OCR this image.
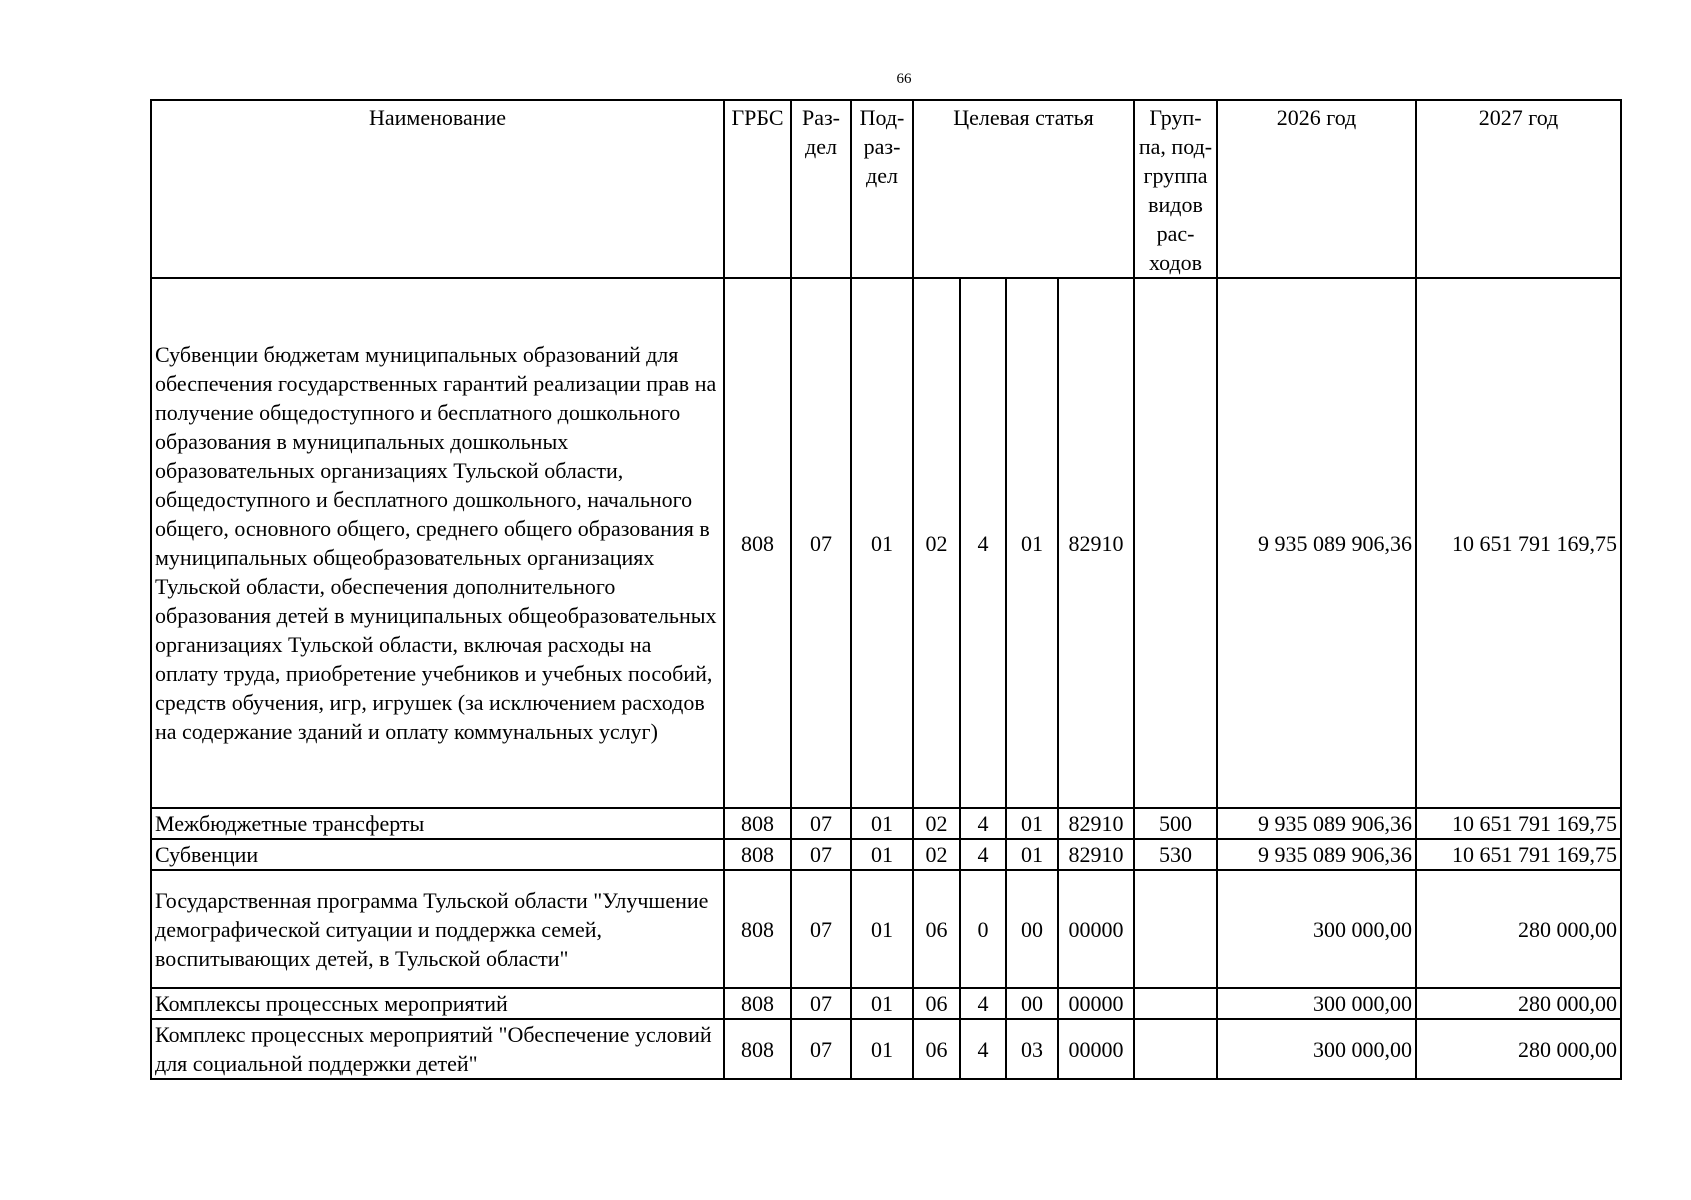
66
Наименование	ГРБС	Раз-дел	Под-раз-дел	Целевая статья				Груп-па, под-группа видов рас-ходов	2026 год	2027 год
Субвенции бюджетам муниципальных образований для обеспечения государственных гарантий реализации прав на получение общедоступного и бесплатного дошкольного образования в муниципальных дошкольных образовательных организациях Тульской области, общедоступного и бесплатного дошкольного, начального общего, основного общего, среднего общего образования в муниципальных общеобразовательных организациях Тульской области, обеспечения дополнительного образования детей в муниципальных общеобразовательных организациях Тульской области, включая расходы на оплату труда, приобретение учебников и учебных пособий, средств обучения, игр, игрушек (за исключением расходов на содержание зданий и оплату коммунальных услуг)	808	07	01	02	4	01	82910		9 935 089 906,36	10 651 791 169,75
Межбюджетные трансферты	808	07	01	02	4	01	82910	500	9 935 089 906,36	10 651 791 169,75
Субвенции	808	07	01	02	4	01	82910	530	9 935 089 906,36	10 651 791 169,75
Государственная программа Тульской области "Улучшение демографической ситуации и поддержка семей, воспитывающих детей, в Тульской области"	808	07	01	06	0	00	00000		300 000,00	280 000,00
Комплексы процессных мероприятий	808	07	01	06	4	00	00000		300 000,00	280 000,00
Комплекс процессных мероприятий "Обеспечение условий для социальной поддержки детей"	808	07	01	06	4	03	00000		300 000,00	280 000,00
